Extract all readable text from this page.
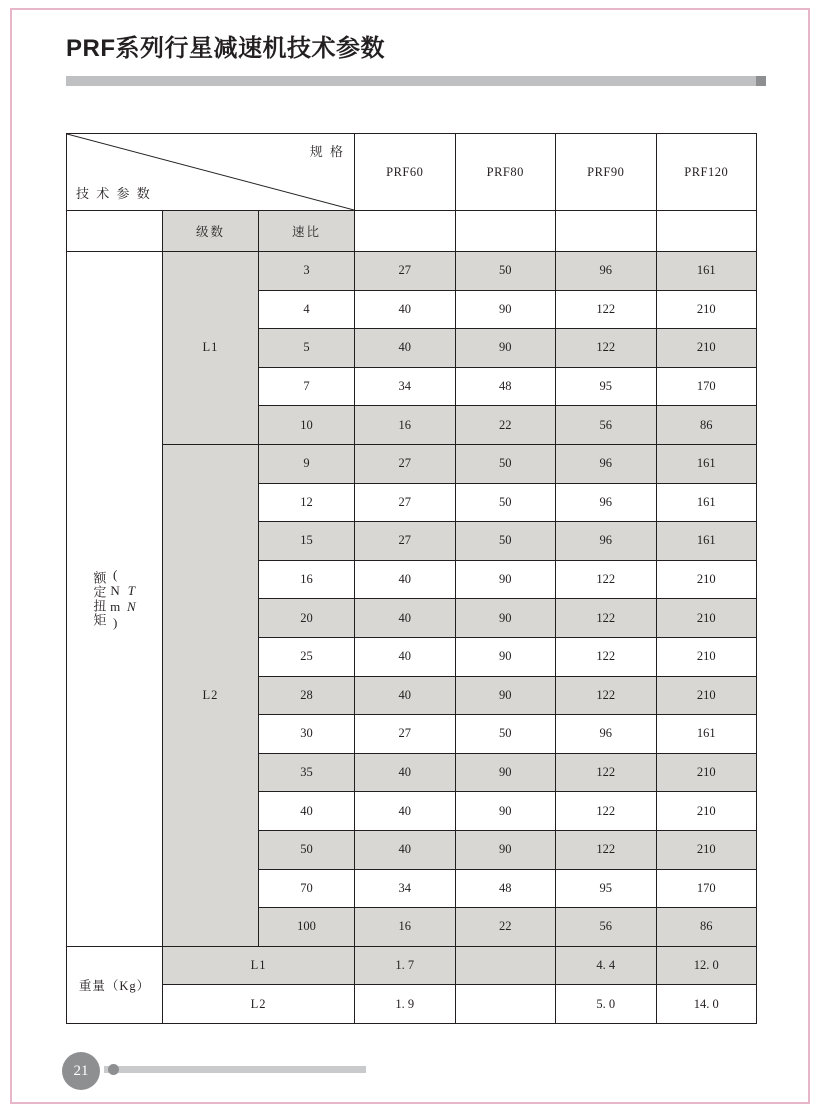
PRF系列行星减速机技术参数
规 格
技 术 参 数			PRF60	PRF80	PRF90	PRF120
	级数	速比				

额定扭矩 (Nm) TN	L1	3	27	50	96	161
		4	40	90	122	210
		5	40	90	122	210
		7	34	48	95	170
		10	16	22	56	86
	L2	9	27	50	96	161
		12	27	50	96	161
		15	27	50	96	161
		16	40	90	122	210
		20	40	90	122	210
		25	40	90	122	210
		28	40	90	122	210
		30	27	50	96	161
		35	40	90	122	210
		40	40	90	122	210
		50	40	90	122	210
		70	34	48	95	170
		100	16	22	56	86
重量（Kg）	L1		1. 7		4. 4	12. 0
	L2		1. 9		5. 0	14. 0
21
